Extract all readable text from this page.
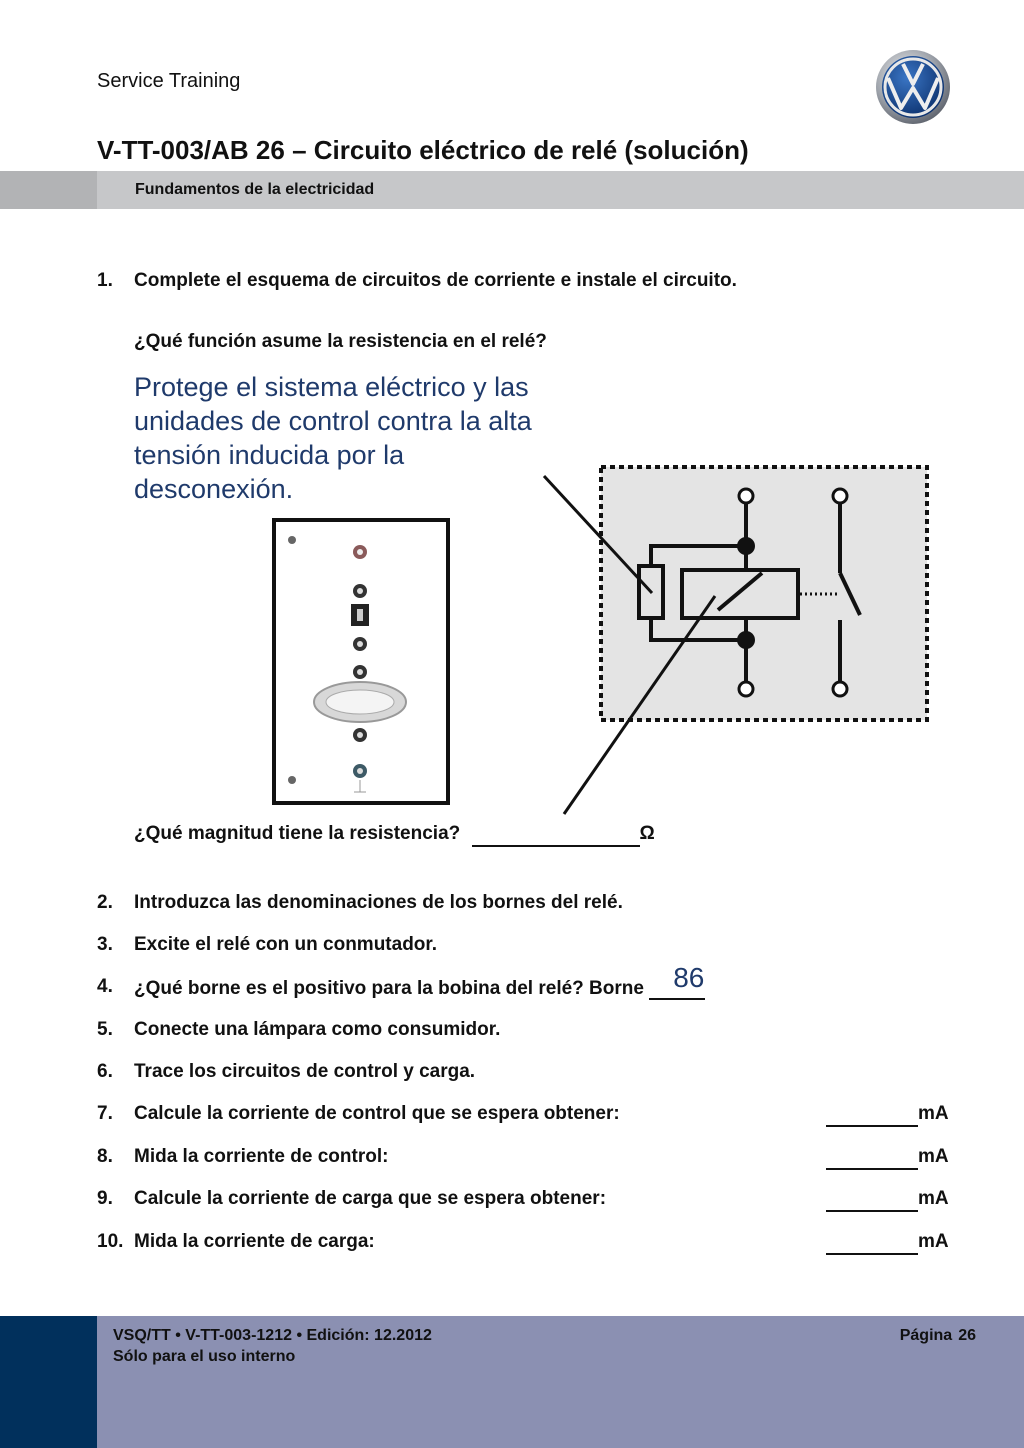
Service Training
V-TT-003/AB 26 – Circuito eléctrico de relé (solución)
Fundamentos de la electricidad
1. Complete el esquema de circuitos de corriente e instale el circuito.
¿Qué función asume la resistencia en el relé?
Protege el sistema eléctrico y las unidades de control contra la alta tensión inducida por la desconexión.
¿Qué magnitud tiene la resistencia?	Ω
2. Introduzca las denominaciones de los bornes del relé.
3. Excite el relé con un conmutador.
4. ¿Qué borne es el positivo para la bobina del relé? Borne 86
5. Conecte una lámpara como consumidor.
6. Trace los circuitos de control y carga.
7. Calcule la corriente de control que se espera obtener:	mA
8. Mida la corriente de control:	mA
9. Calcule la corriente de carga que se espera obtener:	mA
10. Mida la corriente de carga:	mA
VSQ/TT • V-TT-003-1212 • Edición: 12.2012
Sólo para el uso interno
Página 26
